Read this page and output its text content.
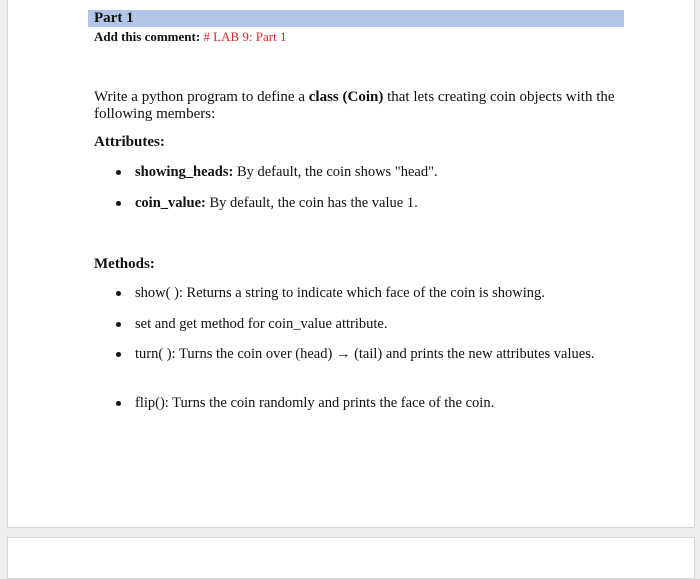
Part 1
Add this comment: # LAB 9: Part 1
Write a python program to define a class (Coin) that lets creating coin objects with the following members:
Attributes:
showing_heads: By default, the coin shows "head".
coin_value: By default, the coin has the value 1.
Methods:
show( ): Returns a string to indicate which face of the coin is showing.
set and get method for coin_value attribute.
turn( ): Turns the coin over (head) → (tail) and prints the new attributes values.
flip(): Turns the coin randomly and prints the face of the coin.
